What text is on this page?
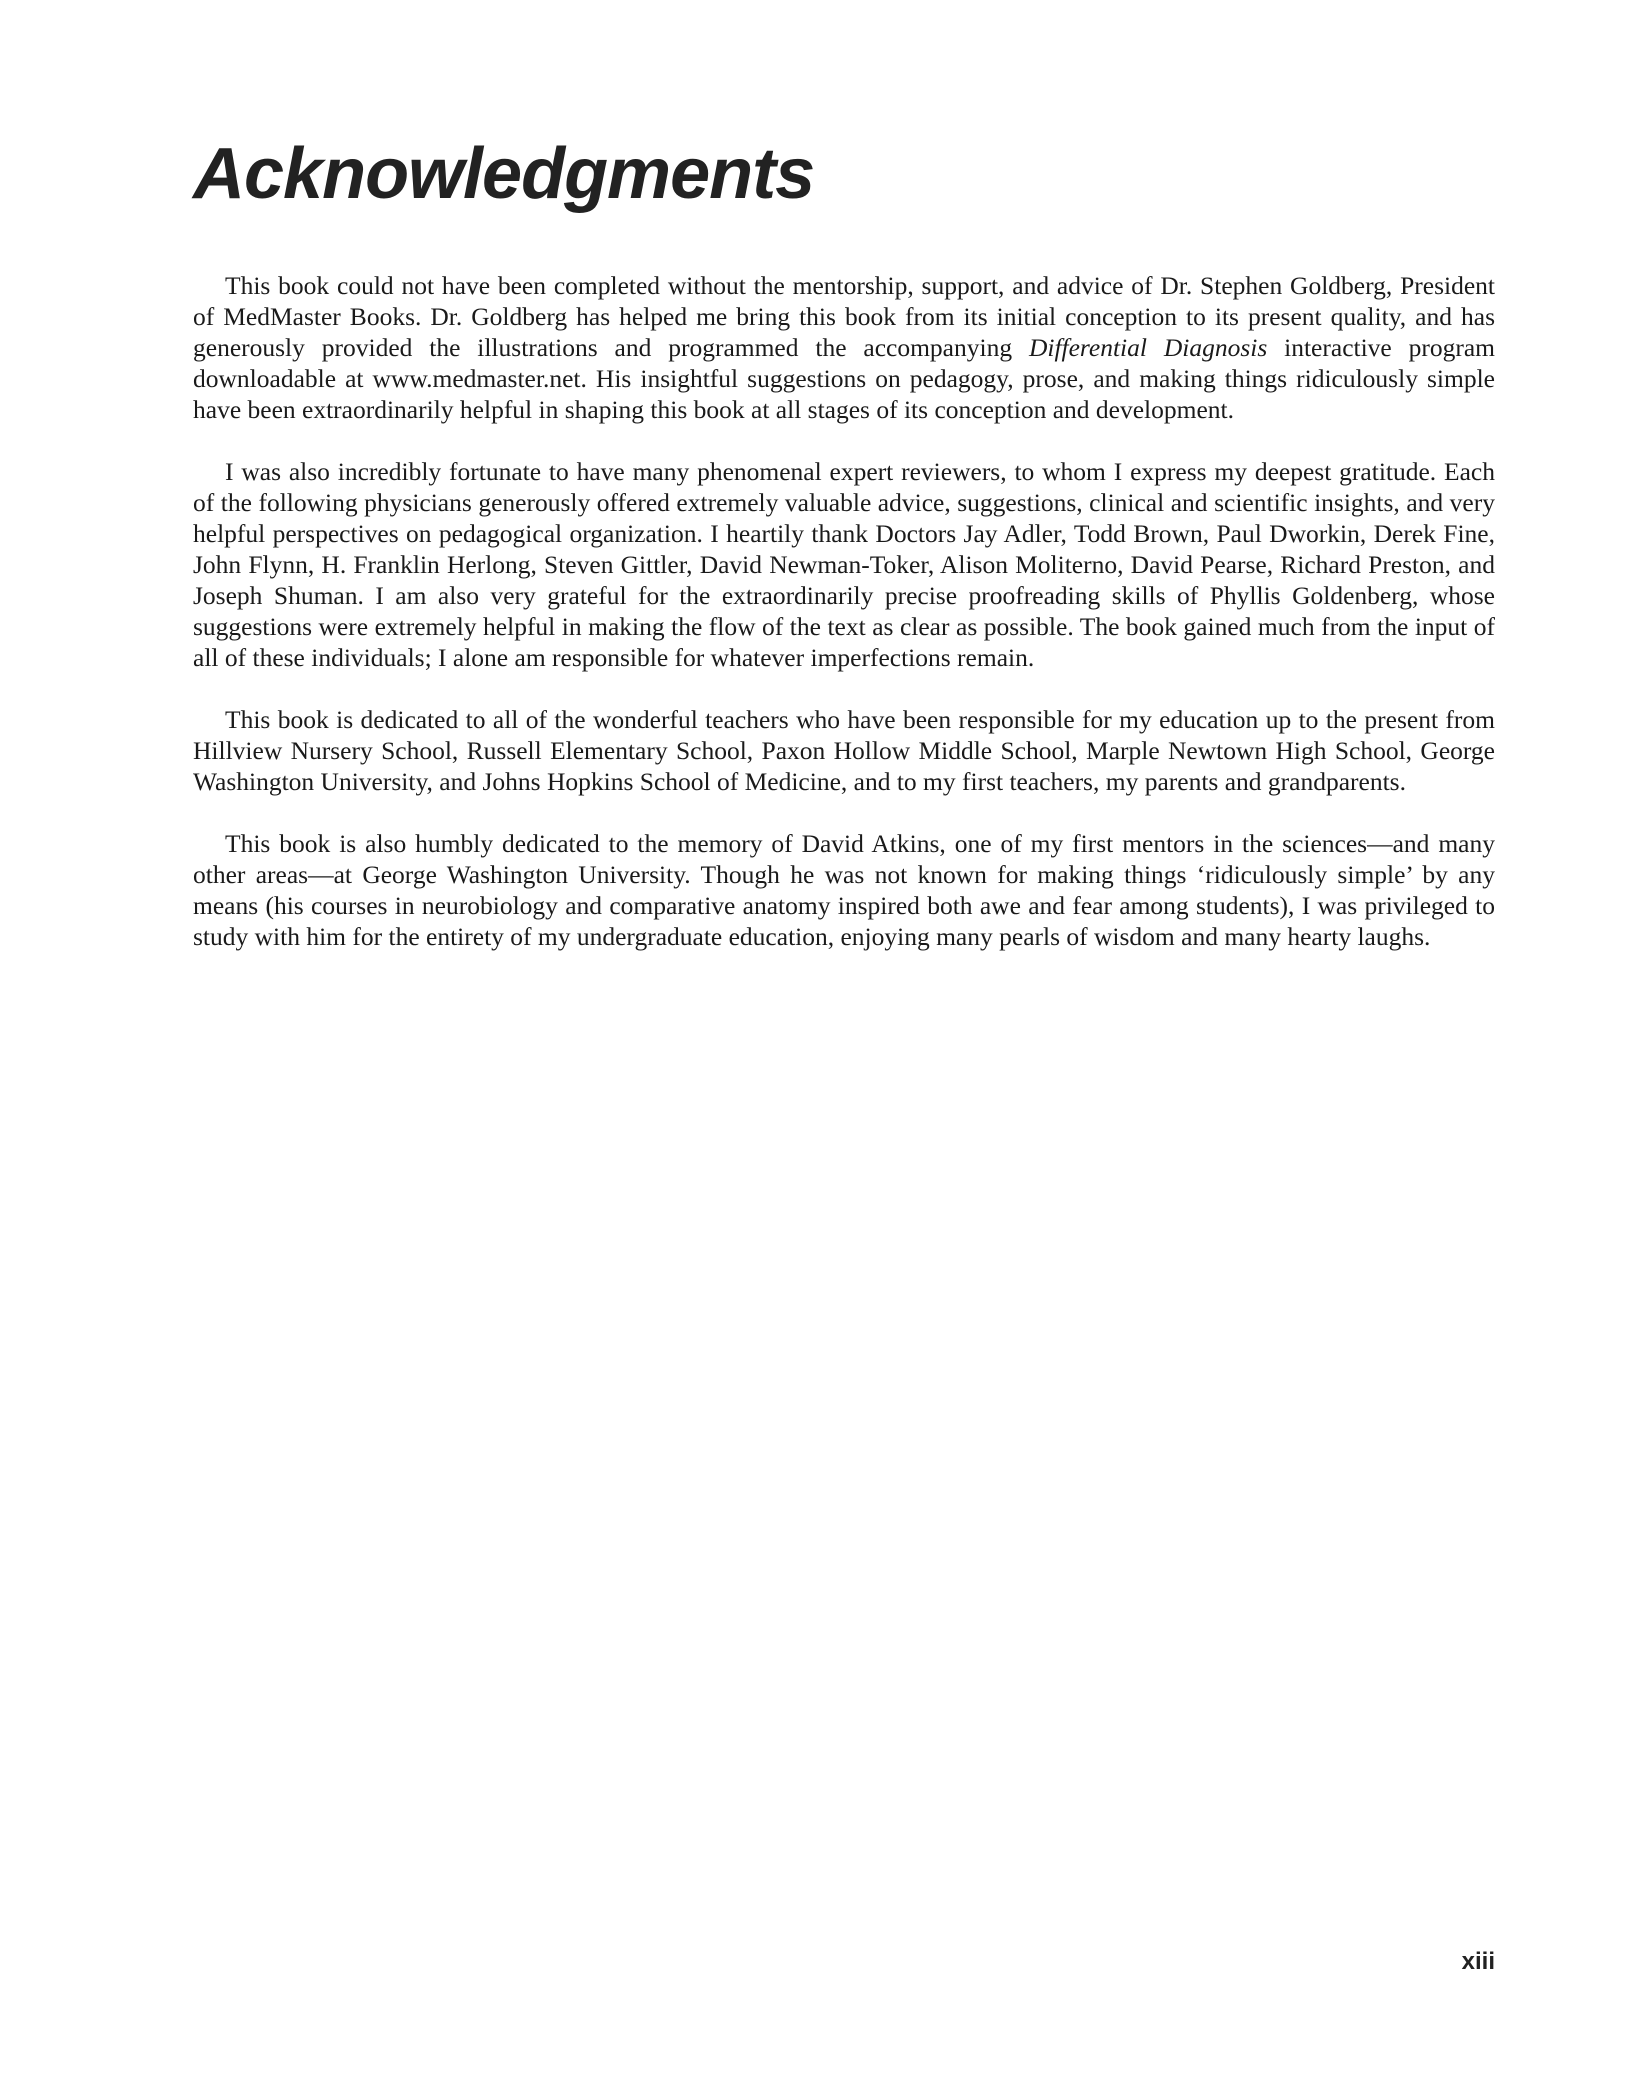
Acknowledgments

This book could not have been completed without the mentorship, support, and advice of Dr. Stephen Goldberg, President of MedMaster Books. Dr. Goldberg has helped me bring this book from its initial conception to its present quality, and has generously provided the illustrations and programmed the accompanying Differential Diagnosis interactive program downloadable at www.medmaster.net. His insightful suggestions on pedagogy, prose, and making things ridiculously simple have been extraordinarily helpful in shaping this book at all stages of its conception and development.

I was also incredibly fortunate to have many phenomenal expert reviewers, to whom I express my deepest gratitude. Each of the following physicians generously offered extremely valuable advice, suggestions, clinical and scientific insights, and very helpful perspectives on pedagogical organization. I heartily thank Doctors Jay Adler, Todd Brown, Paul Dworkin, Derek Fine, John Flynn, H. Franklin Herlong, Steven Gittler, David Newman-Toker, Alison Moliterno, David Pearse, Richard Preston, and Joseph Shuman. I am also very grateful for the extraordinarily precise proofreading skills of Phyllis Goldenberg, whose suggestions were extremely helpful in making the flow of the text as clear as possible. The book gained much from the input of all of these individuals; I alone am responsible for whatever imperfections remain.

This book is dedicated to all of the wonderful teachers who have been responsible for my education up to the present from Hillview Nursery School, Russell Elementary School, Paxon Hollow Middle School, Marple Newtown High School, George Washington University, and Johns Hopkins School of Medicine, and to my first teachers, my parents and grandparents.

This book is also humbly dedicated to the memory of David Atkins, one of my first mentors in the sciences—and many other areas—at George Washington University. Though he was not known for making things ‘ridiculously simple’ by any means (his courses in neurobiology and comparative anatomy inspired both awe and fear among students), I was privileged to study with him for the entirety of my undergraduate education, enjoying many pearls of wisdom and many hearty laughs.

xiii
